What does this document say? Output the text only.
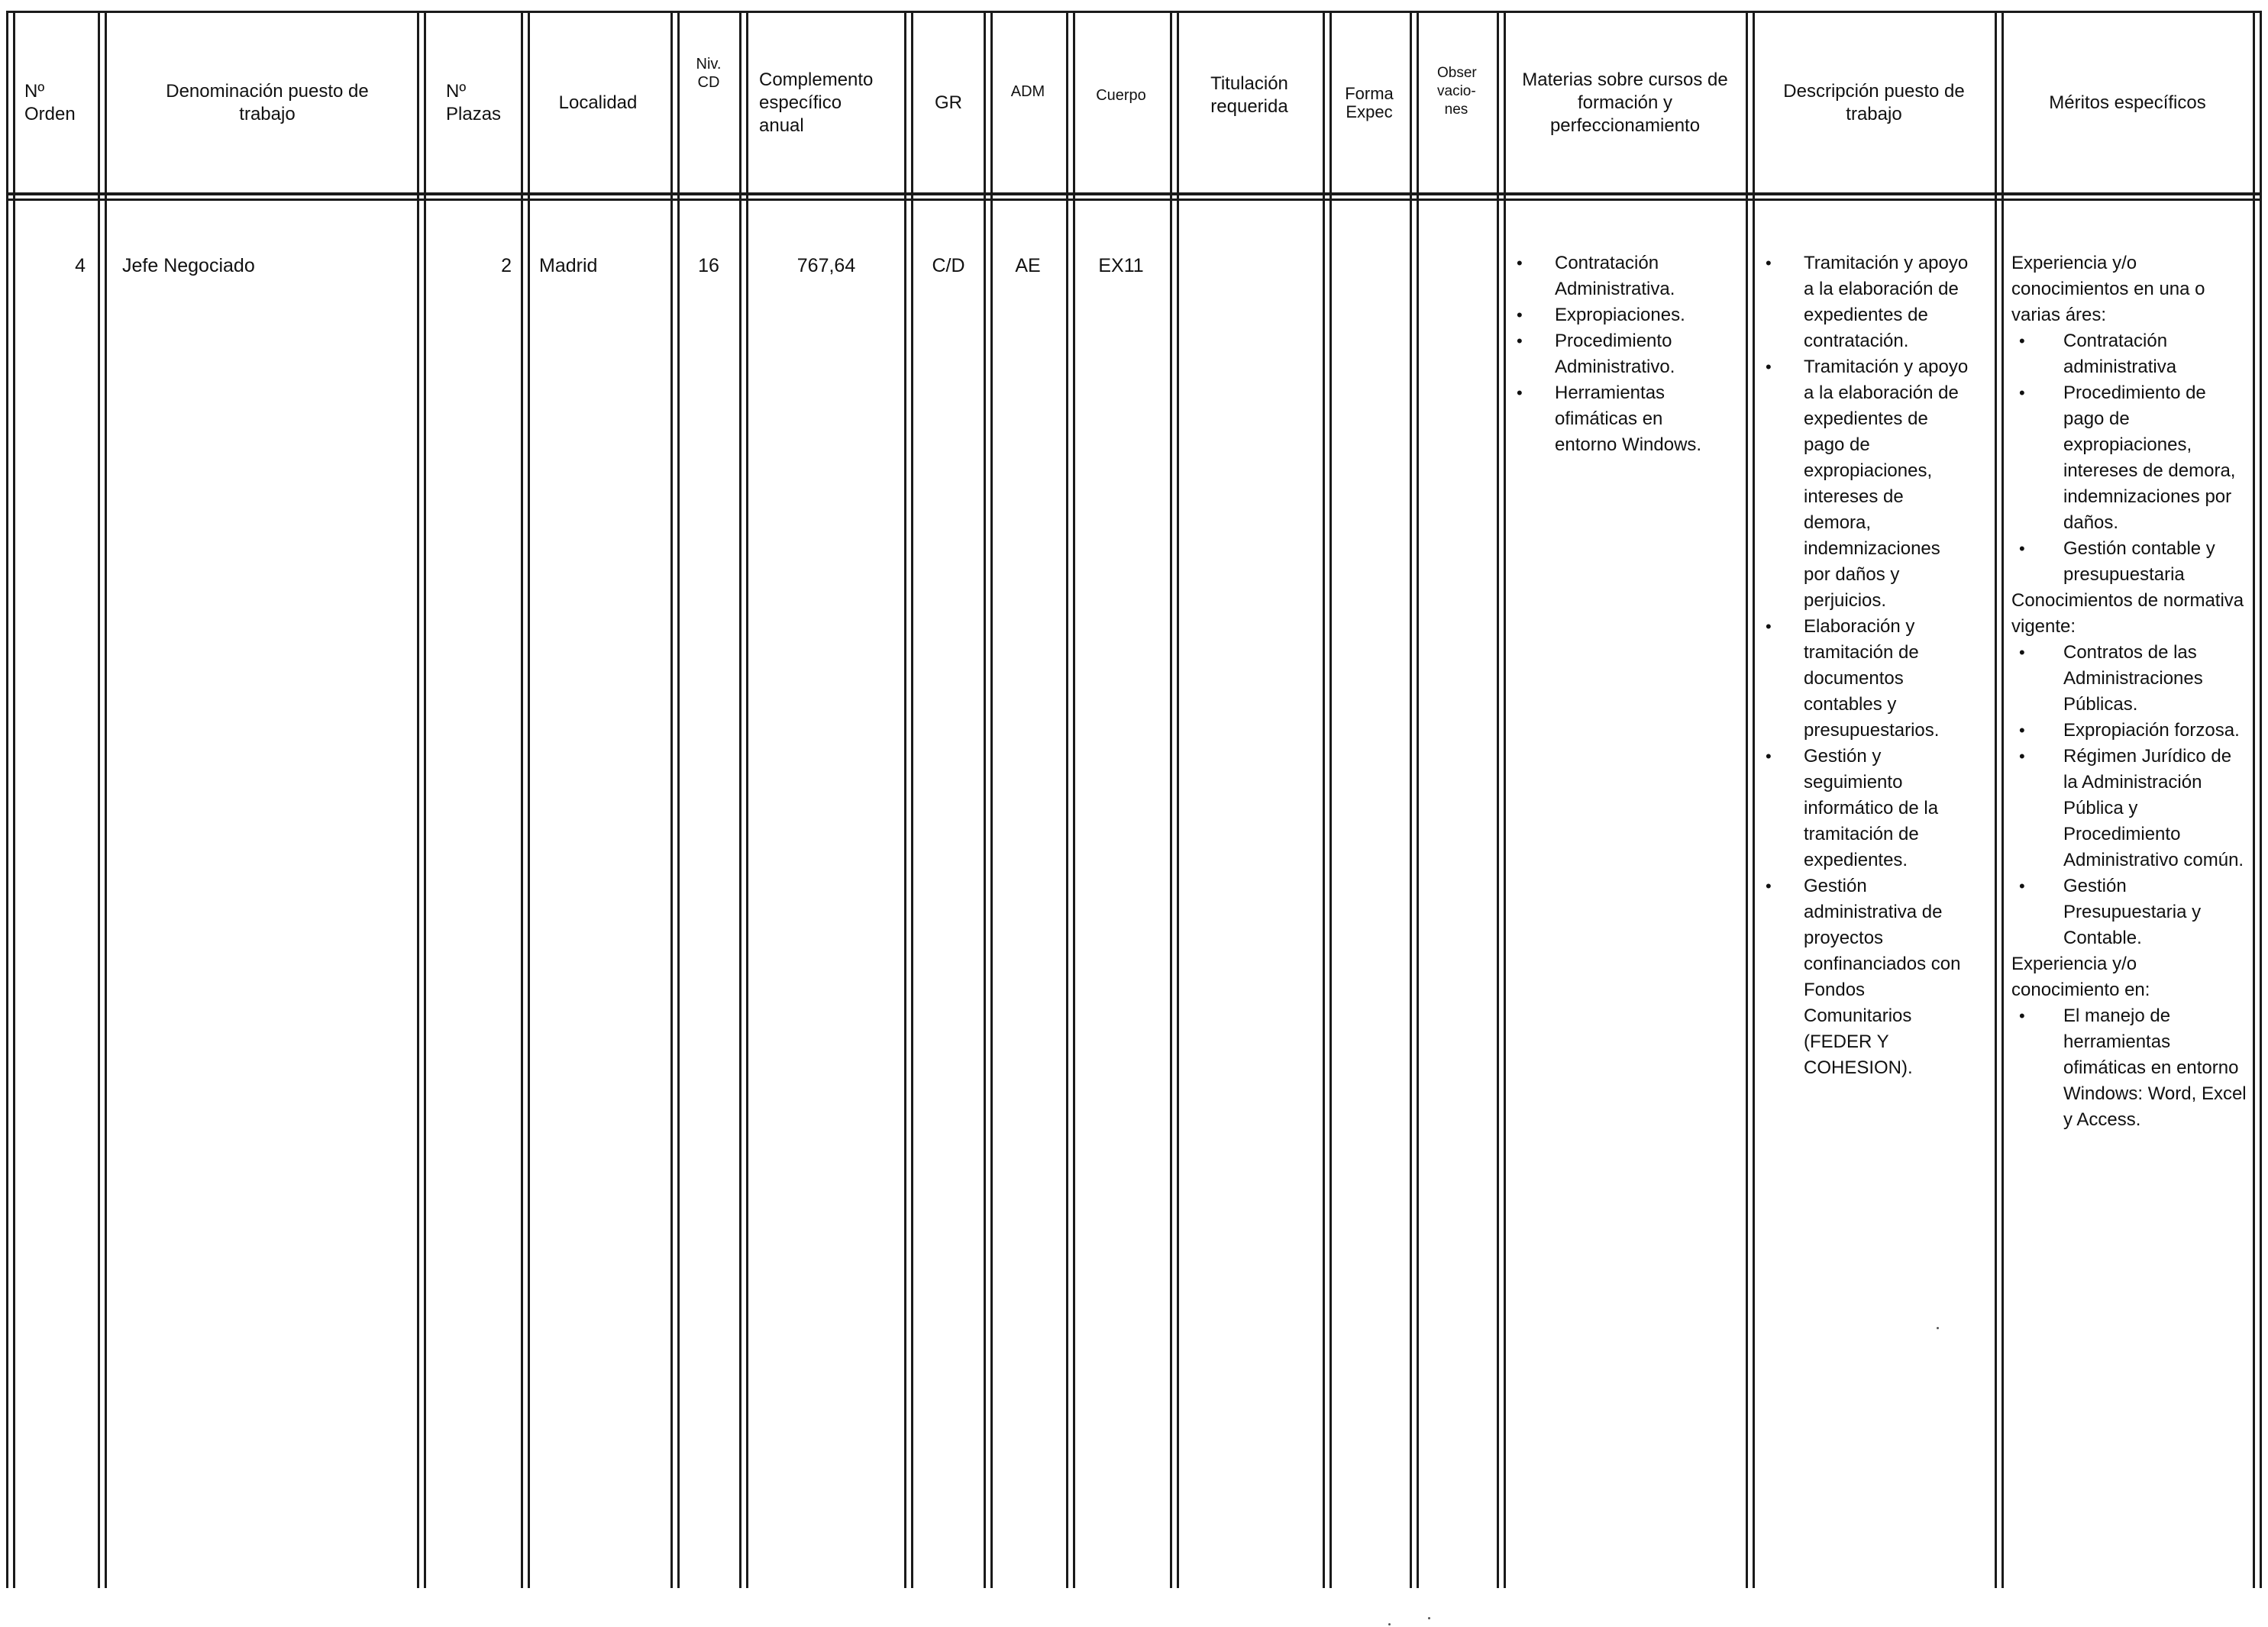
Nº Orden
Denominación puesto de trabajo
Nº Plazas
Localidad
Niv. CD Complemento específico anual
GR
ADM	Cuerpo
Titulación requerida
Forma Expec
Obser vacio-nes
Materias sobre cursos de formación y perfeccionamiento
Descripción puesto de trabajo
Méritos específicos
4 Jefe Negociado	2 Madrid	16	767,64	C/D	AE	EX11
•	Contratación Administrativa.
• Expropiaciones.
• Procedimiento Administrativo.
• Herramientas ofimáticas en entorno Windows.
• Tramitación y apoyo a la elaboración de expedientes de contratación.
• Tramitación y apoyo a la elaboración de expedientes de pago de expropiaciones, intereses de demora, indemnizaciones por daños y perjuicios.
• Elaboración y tramitación de documentos contables y presupuestarios.
• Gestión y seguimiento informático de la tramitación de expedientes.
• Gestión administrativa de proyectos confinanciados con Fondos Comunitarios (FEDER Y COHESION).

Experiencia y/o conocimientos en una o varias áres:

• Contratación administrativa
• Procedimiento de pago de expropiaciones, intereses de demora, indemnizaciones por daños.
• Gestión contable y presupuestaria

Conocimientos de normativa vigente:

• Contratos de las Administraciones Públicas.
• Expropiación forzosa.
• Régimen Jurídico de la Administración Pública y Procedimiento Administrativo común.
• Gestión Presupuestaria y Contable.

Experiencia y/o conocimiento en:

• El manejo de herramientas ofimáticas en entorno Windows: Word, Excel y Access.
